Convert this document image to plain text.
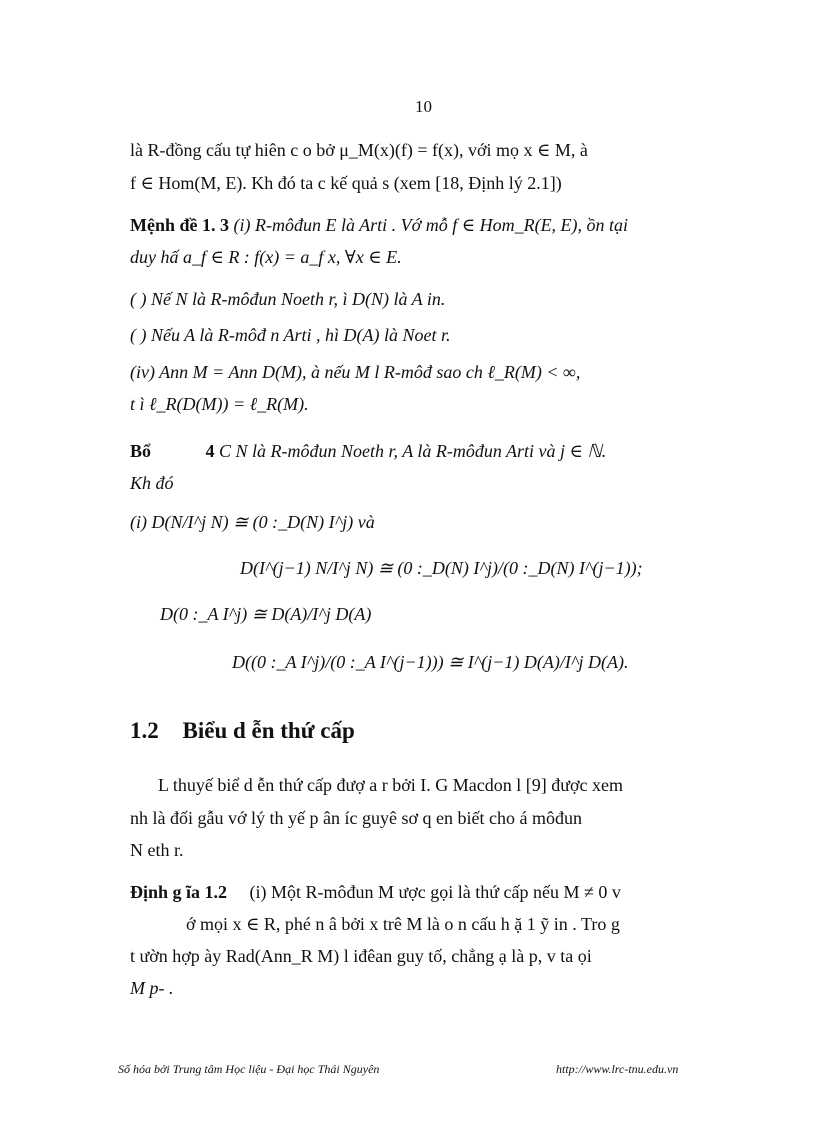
10
là R-đồng cấu tự hiên c o bở μ_M(x)(f) = f(x), với mọ x ∈ M, à
f ∈ Hom(M, E). Kh đó ta c kế quả s (xem [18, Định lý 2.1])
Mệnh đề 1. 3 (i) R-môđun E là Arti . Vớ mỗ f ∈ Hom_R(E, E), ồn tại
duy hấ a_f ∈ R : f(x) = a_f x, ∀x ∈ E.
( ) Nế N là R-môđun Noeth r, ì D(N) là A in.
( ) Nếu A là R-môđ n Arti , hì D(A) là Noet r.
(iv) Ann M = Ann D(M), à nếu M l R-môđ sao ch ℓ_R(M) < ∞,
t ì ℓ_R(D(M)) = ℓ_R(M).
Bổ	4 C N là R-môđun Noeth r, A là R-môđun Arti và j ∈ ℕ.
Kh đó
(i) D(N/I^j N) ≅ (0 :_D(N) I^j) và
D(I^(j−1) N/I^j N) ≅ (0 :_D(N) I^j)/(0 :_D(N) I^(j−1));
D(0 :_A I^j) ≅ D(A)/I^j D(A)
D((0 :_A I^j)/(0 :_A I^(j−1))) ≅ I^(j−1) D(A)/I^j D(A).
1.2 Biểu d ễn thứ cấp
L thuyế biể d ễn thứ cấp đượ a r bởi I. G Macdon l [9] được xem
nh là đối gẫu vớ lý th yế p ân íc guyê sơ q en biết cho á môđun
N eth r.
Định g ĩa 1.2 (i) Một R-môđun M ược gọi là thứ cấp nếu M ≠ 0 v
ớ mọi x ∈ R, phé n â bởi x trê M là o n cấu h ặ 1 ỹ in . Tro g
t ườn hợp ày Rad(Ann_R M) l iđêan guy tố, chẳng ạ là p, v ta ọi
M p- .
Số hóa bởi Trung tâm Học liệu - Đại học Thái Nguyên	http://www.lrc-tnu.edu.vn
